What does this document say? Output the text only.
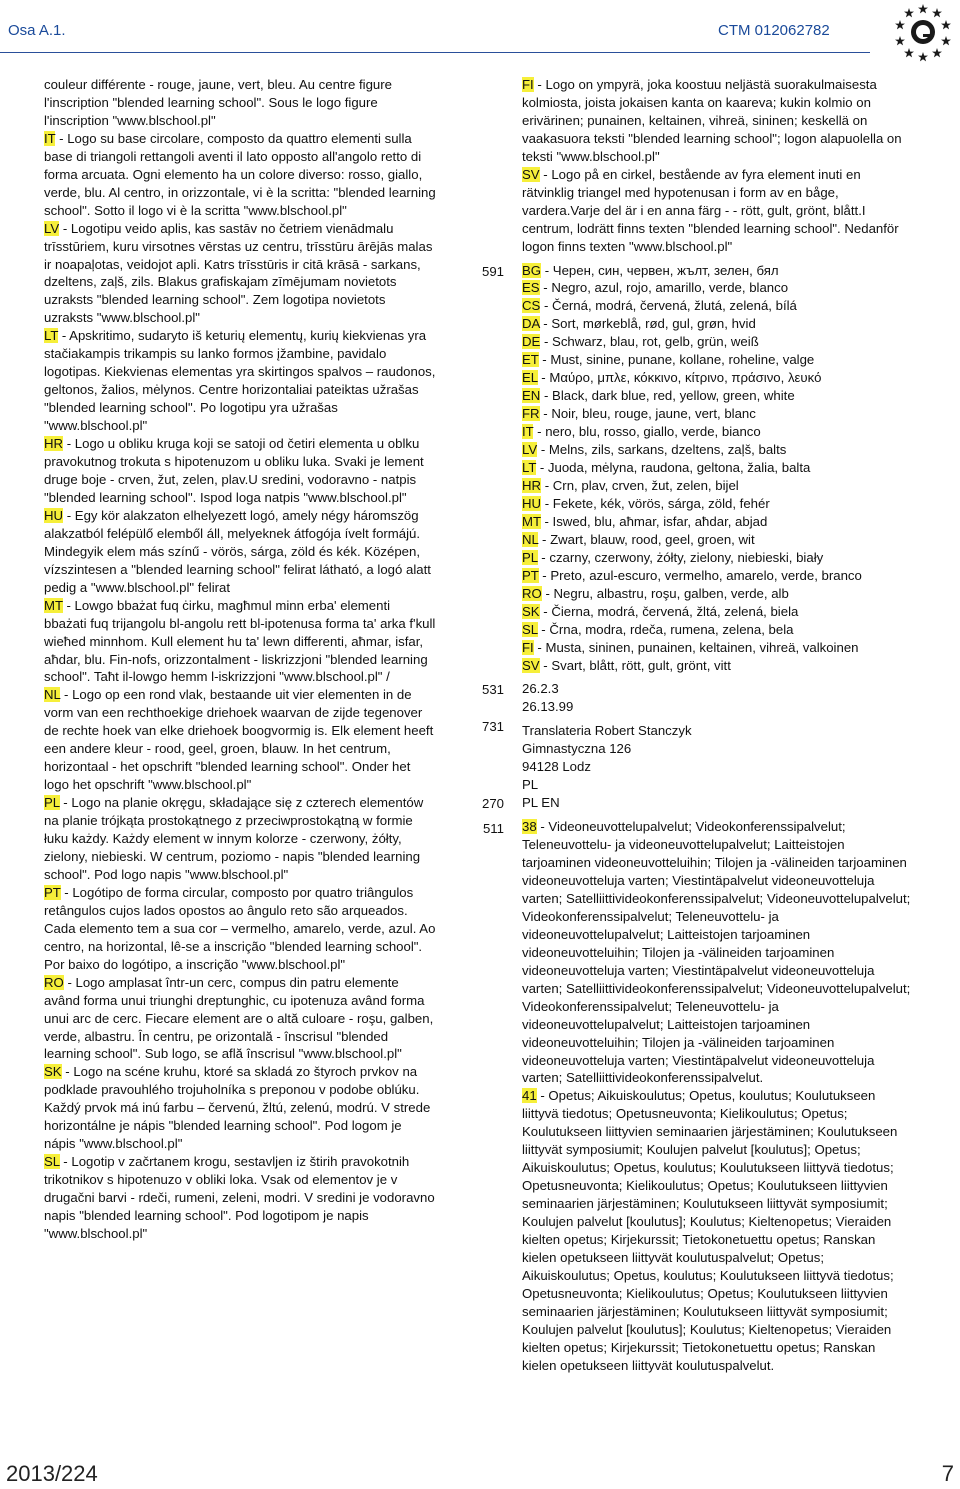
Osa A.1.	CTM 012062782

couleur différente - rouge, jaune, vert, bleu. Au centre figure l'inscription "blended learning school". Sous le logo figure l'inscription "www.blschool.pl"

IT - Logo su base circolare, composto da quattro elementi sulla base di triangoli rettangoli aventi il lato opposto all'angolo retto di forma arcuata. Ogni elemento ha un colore diverso: rosso, giallo, verde, blu. Al centro, in orizzontale, vi è la scritta: "blended learning school". Sotto il logo vi è la scritta "www.blschool.pl"

LV - Logotipu veido aplis, kas sastāv no četriem vienādmalu trīsstūriem, kuru virsotnes vērstas uz centru, trīsstūru ārējās malas ir noapaļotas, veidojot apli. Katrs trīsstūris ir citā krāsā - sarkans, dzeltens, zaļš, zils. Blakus grafiskajam zīmējumam novietots uzraksts "blended learning school". Zem logotipa novietots uzraksts "www.blschool.pl"

LT - Apskritimo, sudaryto iš keturių elementų, kurių kiekvienas yra stačiakampis trikampis su lanko formos įžambine, pavidalo logotipas. Kiekvienas elementas yra skirtingos spalvos – raudonos, geltonos, žalios, mėlynos. Centre horizontaliai pateiktas užrašas "blended learning school". Po logotipu yra užrašas "www.blschool.pl"

HR - Logo u obliku kruga koji se satoji od četiri elementa u oblku pravokutnog trokuta s hipotenuzom u obliku luka. Svaki je lement druge boje - crven, žut, zelen, plav.U sredini, vodoravno - natpis "blended learning school". Ispod loga natpis "www.blschool.pl"

HU - Egy kör alakzaton elhelyezett logó, amely négy háromszög alakzatból felépülő elemből áll, melyeknek átfogója ívelt formájú. Mindegyik elem más színű - vörös, sárga, zöld és kék. Középen, vízszintesen a "blended learning school" felirat látható, a logó alatt pedig a "www.blschool.pl" felirat

MT - Lowgo bbażat fuq ċirku, magħmul minn erba' elementi bbażati fuq trijangolu bl-angolu rett bl-ipotenusa forma ta' arka f'kull wieħed minnhom. Kull element hu ta' lewn differenti, aħmar, isfar, aħdar, blu. Fin-nofs, orizzontalment - liskrizzjoni "blended learning school". Taħt il-lowgo hemm l-iskrizzjoni "www.blschool.pl" /

NL - Logo op een rond vlak, bestaande uit vier elementen in de vorm van een rechthoekige driehoek waarvan de zijde tegenover de rechte hoek van elke driehoek boogvormig is. Elk element heeft een andere kleur - rood, geel, groen, blauw. In het centrum, horizontaal - het opschrift "blended learning school". Onder het logo het opschrift "www.blschool.pl"

PL - Logo na planie okręgu, składające się z czterech elementów na planie trójkąta prostokątnego z przeciwprostokątną w formie łuku każdy. Każdy element w innym kolorze - czerwony, żółty, zielony, niebieski. W centrum, poziomo - napis "blended learning school". Pod logo napis "www.blschool.pl"

PT - Logótipo de forma circular, composto por quatro triângulos retângulos cujos lados opostos ao ângulo reto são arqueados. Cada elemento tem a sua cor – vermelho, amarelo, verde, azul. Ao centro, na horizontal, lê-se a inscrição "blended learning school". Por baixo do logótipo, a inscrição "www.blschool.pl"

RO - Logo amplasat într-un cerc, compus din patru elemente având forma unui triunghi dreptunghic, cu ipotenuza având forma unui arc de cerc. Fiecare element are o altă culoare - roşu, galben, verde, albastru. În centru, pe orizontală - înscrisul "blended learning school". Sub logo, se află înscrisul "www.blschool.pl"

SK - Logo na scéne kruhu, ktoré sa skladá zo štyroch prvkov na podklade pravouhlého trojuholníka s preponou v podobe oblúku. Každý prvok má inú farbu – červenú, žltú, zelenú, modrú. V strede horizontálne je nápis "blended learning school". Pod logom je nápis "www.blschool.pl"

SL - Logotip v začrtanem krogu, sestavljen iz štirih pravokotnih trikotnikov s hipotenuzo v obliki loka. Vsak od elementov je v drugačni barvi - rdeči, rumeni, zeleni, modri. V sredini je vodoravno napis "blended learning school". Pod logotipom je napis "www.blschool.pl"

591
531
731
270
511

FI - Logo on ympyrä, joka koostuu neljästä suorakulmaisesta kolmiosta, joista jokaisen kanta on kaareva; kukin kolmio on erivärinen; punainen, keltainen, vihreä, sininen; keskellä on vaakasuora teksti "blended learning school"; logon alapuolella on teksti "www.blschool.pl"

SV - Logo på en cirkel, bestående av fyra element inuti en rätvinklig triangel med hypotenusan i form av en båge, vardera.Varje del är i en anna färg - - rött, gult, grönt, blått.I centrum, lodrätt finns texten "blended learning school". Nedanför logon finns texten "www.blschool.pl"

BG - Черен, син, червен, жълт, зелен, бял

ES - Negro, azul, rojo, amarillo, verde, blanco

CS - Černá, modrá, červená, žlutá, zelená, bílá

DA - Sort, mørkeblå, rød, gul, grøn, hvid

DE - Schwarz, blau, rot, gelb, grün, weiß

ET - Must, sinine, punane, kollane, roheline, valge

EL - Μαύρο, μπλε, κόκκινο, κίτρινο, πράσινο, λευκό

EN - Black, dark blue, red, yellow, green, white

FR - Noir, bleu, rouge, jaune, vert, blanc

IT - nero, blu, rosso, giallo, verde, bianco

LV - Melns, zils, sarkans, dzeltens, zaļš, balts

LT - Juoda, mėlyna, raudona, geltona, žalia, balta

HR - Crn, plav, crven, žut, zelen, bijel

HU - Fekete, kék, vörös, sárga, zöld, fehér

MT - Iswed, blu, aħmar, isfar, aħdar, abjad

NL - Zwart, blauw, rood, geel, groen, wit

PL - czarny, czerwony, żółty, zielony, niebieski, biały

PT - Preto, azul-escuro, vermelho, amarelo, verde, branco

RO - Negru, albastru, roşu, galben, verde, alb

SK - Čierna, modrá, červená, žltá, zelená, biela

SL - Črna, modra, rdeča, rumena, zelena, bela

FI - Musta, sininen, punainen, keltainen, vihreä, valkoinen

SV - Svart, blått, rött, gult, grönt, vitt

26.2.3

26.13.99

Translateria Robert Stanczyk

Gimnastyczna 126

94128 Lodz

PL

PL EN

38 - Videoneuvottelupalvelut; Videokonferenssipalvelut; Teleneuvottelu- ja videoneuvottelupalvelut; Laitteistojen tarjoaminen videoneuvotteluihin; Tilojen ja -välineiden tarjoaminen videoneuvotteluja varten; Viestintäpalvelut videoneuvotteluja varten; Satelliittivideokonferenssipalvelut; Videoneuvottelupalvelut; Videokonferenssipalvelut; Teleneuvottelu- ja videoneuvottelupalvelut; Laitteistojen tarjoaminen videoneuvotteluihin; Tilojen ja -välineiden tarjoaminen videoneuvotteluja varten; Viestintäpalvelut videoneuvotteluja varten; Satelliittivideokonferenssipalvelut; Videoneuvottelupalvelut; Videokonferenssipalvelut; Teleneuvottelu- ja videoneuvottelupalvelut; Laitteistojen tarjoaminen videoneuvotteluihin; Tilojen ja -välineiden tarjoaminen videoneuvotteluja varten; Viestintäpalvelut videoneuvotteluja varten; Satelliittivideokonferenssipalvelut.

41 - Opetus; Aikuiskoulutus; Opetus, koulutus; Koulutukseen liittyvä tiedotus; Opetusneuvonta; Kielikoulutus; Opetus; Koulutukseen liittyvien seminaarien järjestäminen; Koulutukseen liittyvät symposiumit; Koulujen palvelut [koulutus]; Opetus; Aikuiskoulutus; Opetus, koulutus; Koulutukseen liittyvä tiedotus; Opetusneuvonta; Kielikoulutus; Opetus; Koulutukseen liittyvien seminaarien järjestäminen; Koulutukseen liittyvät symposiumit; Koulujen palvelut [koulutus]; Koulutus; Kieltenopetus; Vieraiden kielten opetus; Kirjekurssit; Tietokonetuettu opetus; Ranskan kielen opetukseen liittyvät koulutuspalvelut; Opetus; Aikuiskoulutus; Opetus, koulutus; Koulutukseen liittyvä tiedotus; Opetusneuvonta; Kielikoulutus; Opetus; Koulutukseen liittyvien seminaarien järjestäminen; Koulutukseen liittyvät symposiumit; Koulujen palvelut [koulutus]; Koulutus; Kieltenopetus; Vieraiden kielten opetus; Kirjekurssit; Tietokonetuettu opetus; Ranskan kielen opetukseen liittyvät koulutuspalvelut.

2013/224	7
